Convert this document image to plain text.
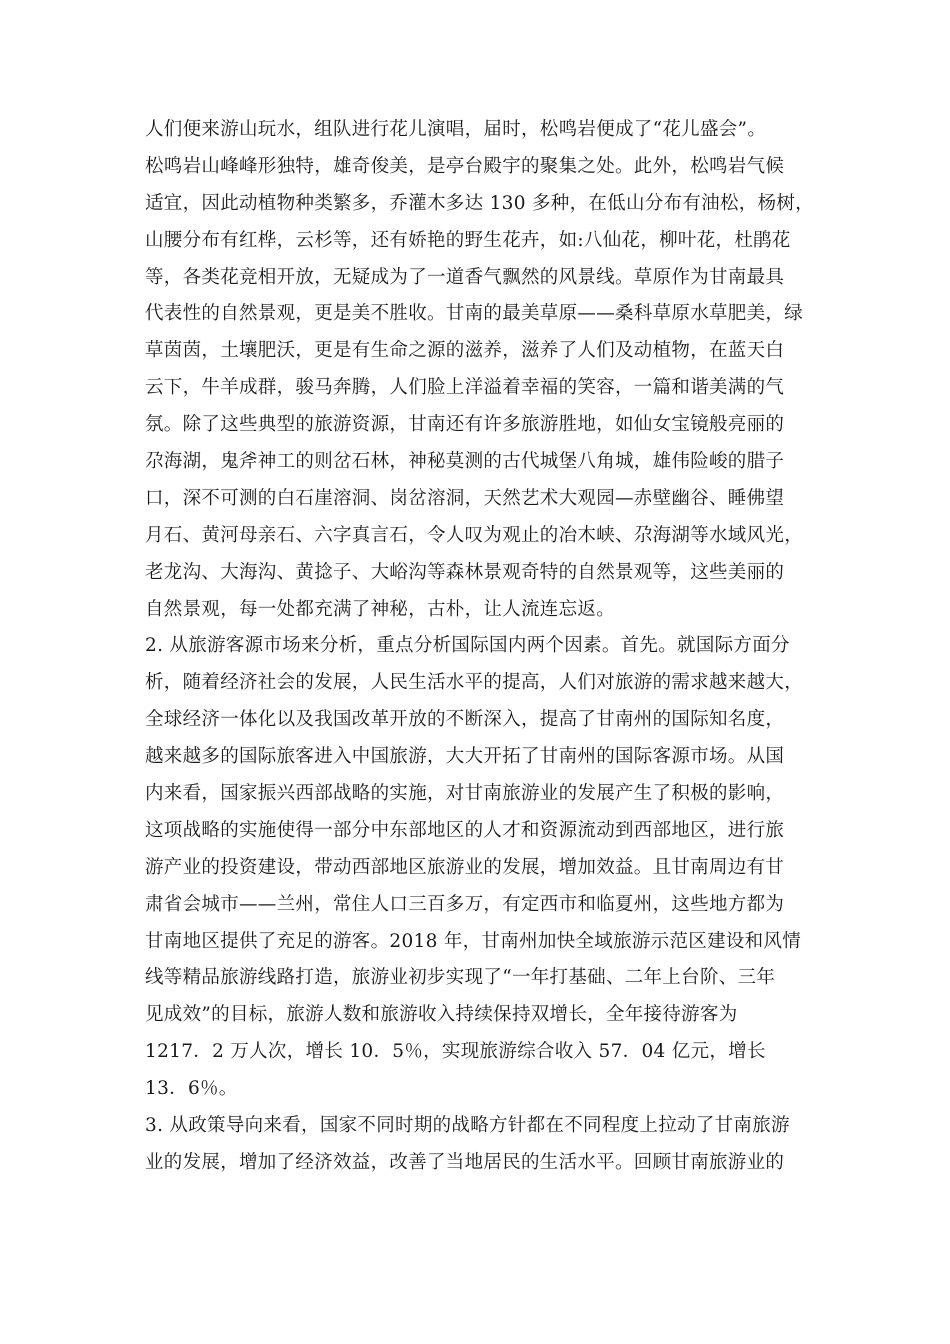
人们便来游山玩水，组队进行花儿演唱，届时，松鸣岩便成了“花儿盛会”。
松鸣岩山峰峰形独特，雄奇俊美，是亭台殿宇的聚集之处。此外，松鸣岩气候
适宜，因此动植物种类繁多，乔灌木多达 130 多种，在低山分布有油松，杨树，
山腰分布有红桦，云杉等，还有娇艳的野生花卉，如:八仙花，柳叶花，杜鹃花
等，各类花竞相开放，无疑成为了一道香气飘然的风景线。草原作为甘南最具
代表性的自然景观，更是美不胜收。甘南的最美草原——桑科草原水草肥美，绿
草茵茵，土壤肥沃，更是有生命之源的滋养，滋养了人们及动植物，在蓝天白
云下，牛羊成群，骏马奔腾，人们脸上洋溢着幸福的笑容，一篇和谐美满的气
氛。除了这些典型的旅游资源，甘南还有许多旅游胜地，如仙女宝镜般亮丽的
尕海湖，鬼斧神工的则岔石林，神秘莫测的古代城堡八角城，雄伟险峻的腊子
口，深不可测的白石崖溶洞、岗岔溶洞，天然艺术大观园—赤壁幽谷、睡佛望
月石、黄河母亲石、六字真言石，令人叹为观止的冶木峡、尕海湖等水域风光，
老龙沟、大海沟、黄捻子、大峪沟等森林景观奇特的自然景观等，这些美丽的
自然景观，每一处都充满了神秘，古朴，让人流连忘返。
2. 从旅游客源市场来分析，重点分析国际国内两个因素。首先。就国际方面分
析，随着经济社会的发展，人民生活水平的提高，人们对旅游的需求越来越大，
全球经济一体化以及我国改革开放的不断深入，提高了甘南州的国际知名度，
越来越多的国际旅客进入中国旅游，大大开拓了甘南州的国际客源市场。从国
内来看，国家振兴西部战略的实施，对甘南旅游业的发展产生了积极的影响，
这项战略的实施使得一部分中东部地区的人才和资源流动到西部地区，进行旅
游产业的投资建设，带动西部地区旅游业的发展，增加效益。且甘南周边有甘
肃省会城市——兰州，常住人口三百多万，有定西市和临夏州，这些地方都为
甘南地区提供了充足的游客。2018 年，甘南州加快全域旅游示范区建设和风情
线等精品旅游线路打造，旅游业初步实现了“一年打基础、二年上台阶、三年
见成效”的目标，旅游人数和旅游收入持续保持双增长，全年接待游客为
1217．2 万人次，增长 10．5％，实现旅游综合收入 57．04 亿元，增长
13．6％。
3. 从政策导向来看，国家不同时期的战略方针都在不同程度上拉动了甘南旅游
业的发展，增加了经济效益，改善了当地居民的生活水平。回顾甘南旅游业的
